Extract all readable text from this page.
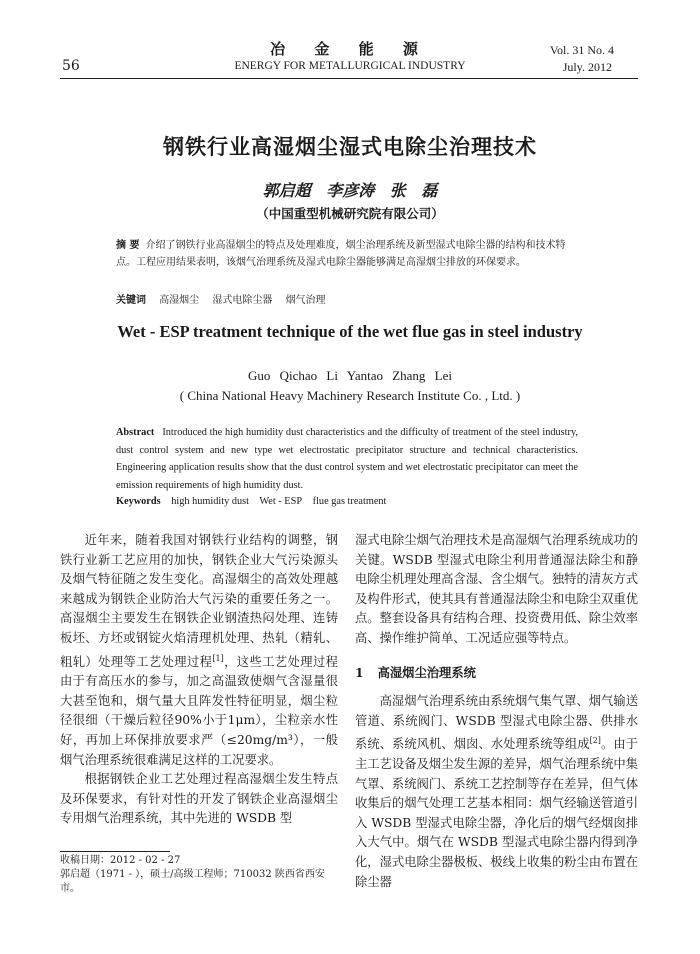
56
冶 金 能 源
ENERGY FOR METALLURGICAL INDUSTRY
Vol. 31 No. 4
July. 2012
钢铁行业高湿烟尘湿式电除尘治理技术
郭启超 李彦涛 张 磊
（中国重型机械研究院有限公司）
摘 要 介绍了钢铁行业高湿烟尘的特点及处理难度，烟尘治理系统及新型湿式电除尘器的结构和技术特点。工程应用结果表明，该烟气治理系统及湿式电除尘器能够满足高湿烟尘排放的环保要求。
关键词 高湿烟尘 湿式电除尘器 烟气治理
Wet - ESP treatment technique of the wet flue gas in steel industry
Guo Qichao Li Yantao Zhang Lei
( China National Heavy Machinery Research Institute Co. , Ltd. )
Abstract Introduced the high humidity dust characteristics and the difficulty of treatment of the steel industry, dust control system and new type wet electrostatic precipitator structure and technical characteristics. Engineering application results show that the dust control system and wet electrostatic precipitator can meet the emission requirements of high humidity dust.
Keywords high humidity dust Wet - ESP flue gas treatment

近年来，随着我国对钢铁行业结构的调整，钢铁行业新工艺应用的加快，钢铁企业大气污染源头及烟气特征随之发生变化。高湿烟尘的高效处理越来越成为钢铁企业防治大气污染的重要任务之一。高湿烟尘主要发生在钢铁企业钢渣热闷处理、连铸板坯、方坯或钢锭火焰清理机处理、热轧（精轧、粗轧）处理等工艺处理过程[1]，这些工艺处理过程由于有高压水的参与，加之高温致使烟气含湿量很大甚至饱和，烟气量大且阵发性特征明显，烟尘粒径很细（干燥后粒径90%小于1μm），尘粒亲水性好，再加上环保排放要求严（≤20mg/m³），一般烟气治理系统很难满足这样的工况要求。

根据钢铁企业工艺处理过程高湿烟尘发生特点及环保要求，有针对性的开发了钢铁企业高湿烟尘专用烟气治理系统，其中先进的 WSDB 型

湿式电除尘烟气治理技术是高湿烟气治理系统成功的关键。WSDB 型湿式电除尘利用普通湿法除尘和静电除尘机理处理高含湿、含尘烟气。独特的清灰方式及构件形式，使其具有普通湿法除尘和电除尘双重优点。整套设备具有结构合理、投资费用低、除尘效率高、操作维护简单、工况适应强等特点。

1 高湿烟尘治理系统

高湿烟气治理系统由系统烟气集气罩、烟气输送管道、系统阀门、WSDB 型湿式电除尘器、供排水系统、系统风机、烟囱、水处理系统等组成[2]。由于主工艺设备及烟尘发生源的差异，烟气治理系统中集气罩、系统阀门、系统工艺控制等存在差异，但气体收集后的烟气处理工艺基本相同：烟气经输送管道引入 WSDB 型湿式电除尘器，净化后的烟气经烟囱排入大气中。烟气在 WSDB 型湿式电除尘器内得到净化，湿式电除尘器极板、极线上收集的粉尘由布置在除尘器

收稿日期：2012 - 02 - 27
郭启超（1971 - ），硕士/高级工程师；710032 陕西省西安市。
